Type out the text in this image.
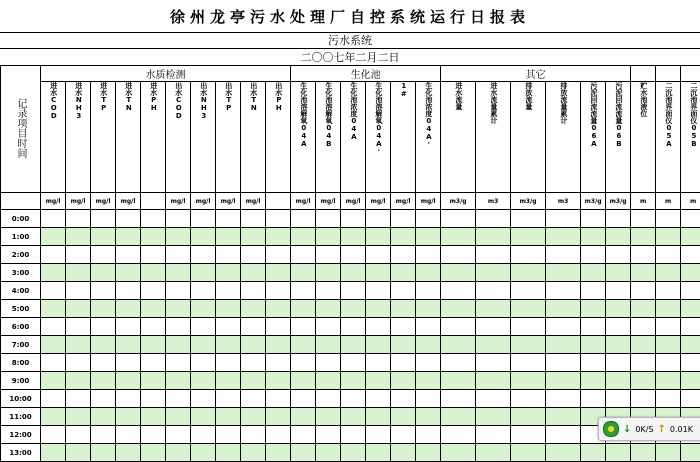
徐州龙亭污水处理厂自控系统运行日报表
污水系统
二〇〇七年二月二日
记录项目时间	水质检测										生化池						其它								
	进水COD	进水NH3	进水TP	进水TN	进水PH	出水COD	出水NH3	出水TP	出水TN	出水PH	生化池溶解氧04A	生化池溶解氧04B	生化池浓度04A	生化池溶解氧04A'	1#	生化池浓度04A'	进水流量	进水流量累计	排放流量	排放流量累计	污泥回流流量06A	污泥回流流量06B	贮水池液位	二沉池界面仪05A	二沉池界面仪05B
	mg/l	mg/l	mg/l	mg/l		mg/l	mg/l	mg/l	mg/l		mg/l	mg/l	mg/l	mg/l	mg/l	mg/l	m3/g	m3	m3/g	m3	m3/g	m3/g	m	m	m
0:00																									
1:00																									
2:00																									
3:00																									
4:00																									
5:00																									
6:00																									
7:00																									
8:00																									
9:00																									
10:00																									
11:00																									
12:00																									
13:00																									
↓ 0K/S ↑ 0.01K
